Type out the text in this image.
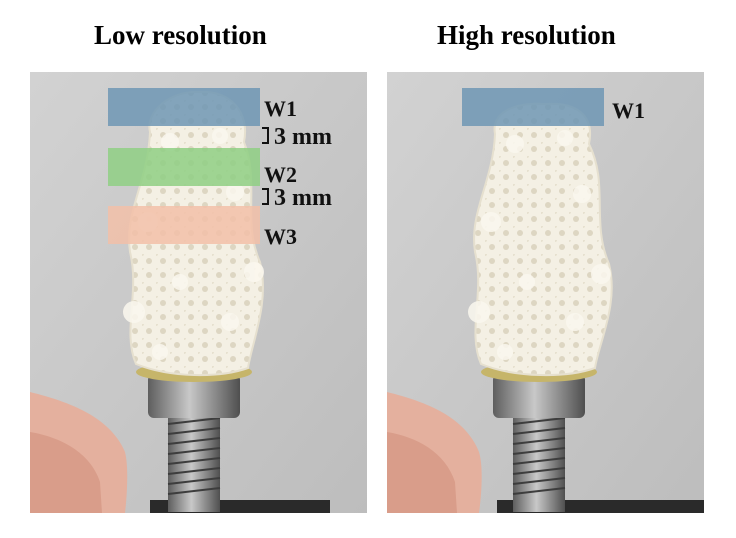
Low resolution	High resolution
W1
W2
W3
3 mm
3 mm
W1
